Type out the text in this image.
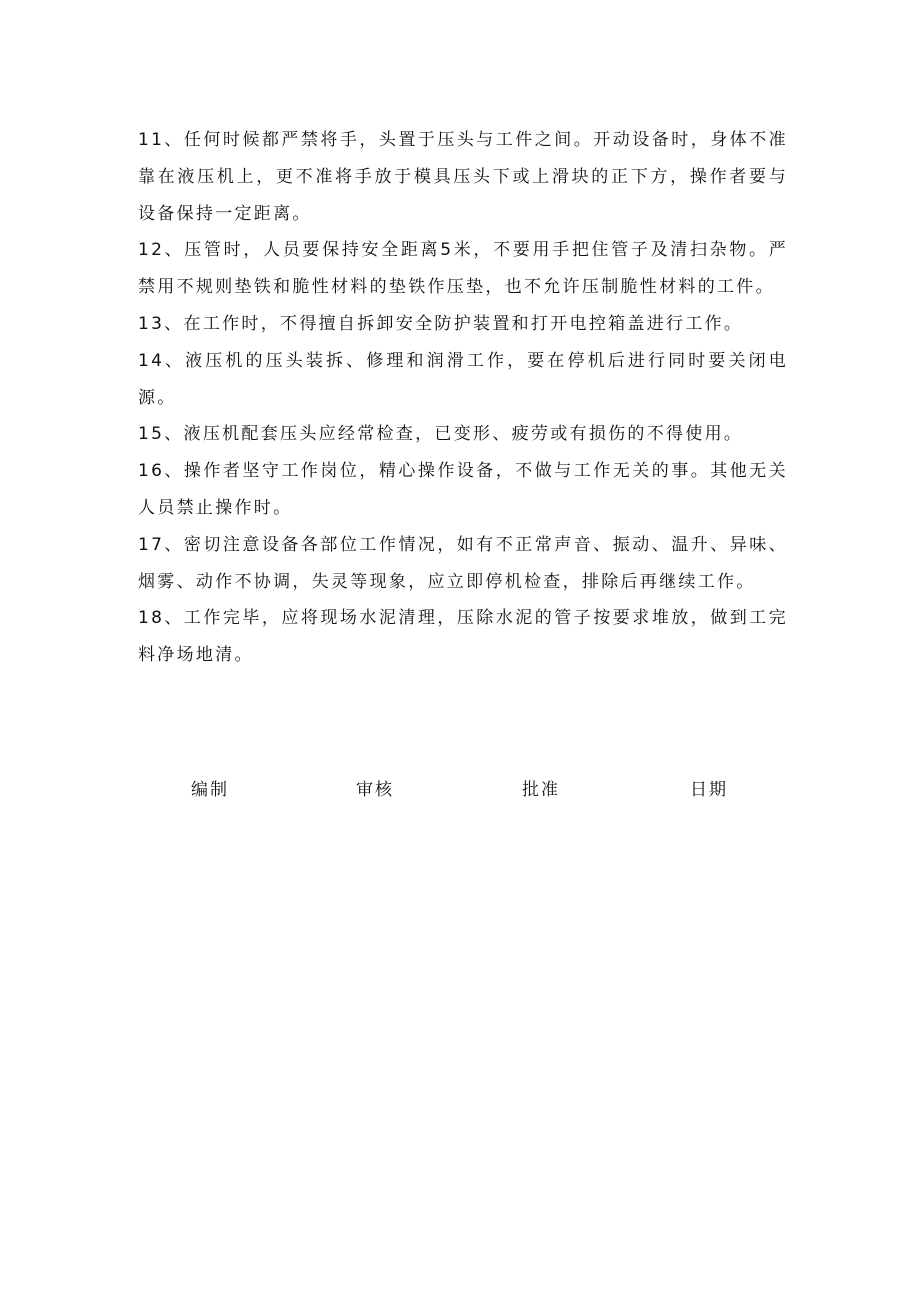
11、任何时候都严禁将手，头置于压头与工件之间。开动设备时，身体不准靠在液压机上，更不准将手放于模具压头下或上滑块的正下方，操作者要与设备保持一定距离。

12、压管时，人员要保持安全距离5米，不要用手把住管子及清扫杂物。严禁用不规则垫铁和脆性材料的垫铁作压垫，也不允许压制脆性材料的工件。

13、在工作时，不得擅自拆卸安全防护装置和打开电控箱盖进行工作。

14、液压机的压头装拆、修理和润滑工作，要在停机后进行同时要关闭电源。

15、液压机配套压头应经常检查，已变形、疲劳或有损伤的不得使用。

16、操作者坚守工作岗位，精心操作设备，不做与工作无关的事。其他无关人员禁止操作时。

17、密切注意设备各部位工作情况，如有不正常声音、振动、温升、异味、烟雾、动作不协调，失灵等现象，应立即停机检查，排除后再继续工作。

18、工作完毕，应将现场水泥清理，压除水泥的管子按要求堆放，做到工完料净场地清。

编制	审核	批准	日期
